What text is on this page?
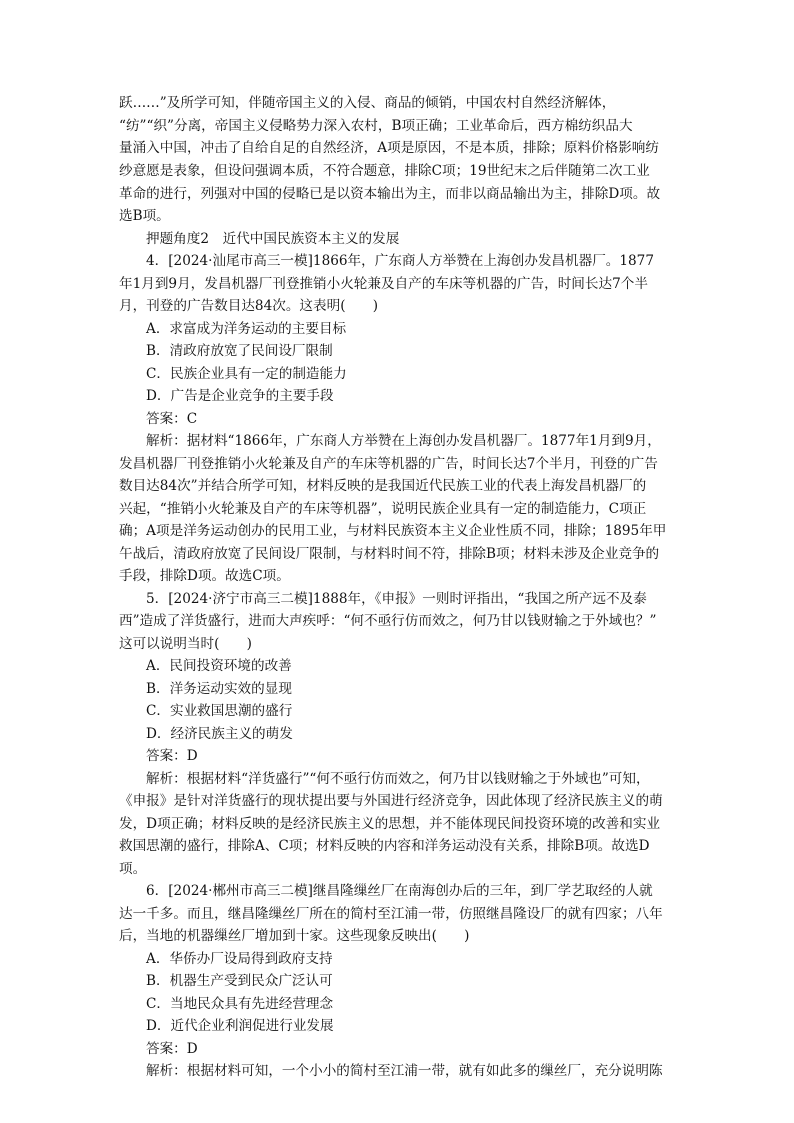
跃……”及所学可知，伴随帝国主义的入侵、商品的倾销，中国农村自然经济解体，
“纺”“织”分离，帝国主义侵略势力深入农村，B项正确；工业革命后，西方棉纺织品大
量涌入中国，冲击了自给自足的自然经济，A项是原因，不是本质，排除；原料价格影响纺
纱意愿是表象，但设问强调本质，不符合题意，排除C项；19世纪末之后伴随第二次工业
革命的进行，列强对中国的侵略已是以资本输出为主，而非以商品输出为主，排除D项。故
选B项。
押题角度2　近代中国民族资本主义的发展
4．[2024·汕尾市高三一模]1866年，广东商人方举赞在上海创办发昌机器厂。1877
年1月到9月，发昌机器厂刊登推销小火轮兼及自产的车床等机器的广告，时间长达7个半
月，刊登的广告数目达84次。这表明(　　)
A．求富成为洋务运动的主要目标
B．清政府放宽了民间设厂限制
C．民族企业具有一定的制造能力
D．广告是企业竞争的主要手段
答案：C
解析：据材料“1866年，广东商人方举赞在上海创办发昌机器厂。1877年1月到9月，
发昌机器厂刊登推销小火轮兼及自产的车床等机器的广告，时间长达7个半月，刊登的广告
数目达84次”并结合所学可知，材料反映的是我国近代民族工业的代表上海发昌机器厂的
兴起，“推销小火轮兼及自产的车床等机器”，说明民族企业具有一定的制造能力，C项正
确；A项是洋务运动创办的民用工业，与材料民族资本主义企业性质不同，排除；1895年甲
午战后，清政府放宽了民间设厂限制，与材料时间不符，排除B项；材料未涉及企业竞争的
手段，排除D项。故选C项。
5．[2024·济宁市高三二模]1888年，《申报》一则时评指出，“我国之所产远不及泰
西”造成了洋货盛行，进而大声疾呼：“何不亟行仿而效之，何乃甘以钱财输之于外域也？”
这可以说明当时(　　)
A．民间投资环境的改善
B．洋务运动实效的显现
C．实业救国思潮的盛行
D．经济民族主义的萌发
答案：D
解析：根据材料“洋货盛行”“何不亟行仿而效之，何乃甘以钱财输之于外域也”可知，
《申报》是针对洋货盛行的现状提出要与外国进行经济竞争，因此体现了经济民族主义的萌
发，D项正确；材料反映的是经济民族主义的思想，并不能体现民间投资环境的改善和实业
救国思潮的盛行，排除A、C项；材料反映的内容和洋务运动没有关系，排除B项。故选D
项。
6．[2024·郴州市高三二模]继昌隆缫丝厂在南海创办后的三年，到厂学艺取经的人就
达一千多。而且，继昌隆缫丝厂所在的简村至江浦一带，仿照继昌隆设厂的就有四家；八年
后，当地的机器缫丝厂增加到十家。这些现象反映出(　　)
A．华侨办厂设局得到政府支持
B．机器生产受到民众广泛认可
C．当地民众具有先进经营理念
D．近代企业利润促进行业发展
答案：D
解析：根据材料可知，一个小小的简村至江浦一带，就有如此多的缫丝厂，充分说明陈
